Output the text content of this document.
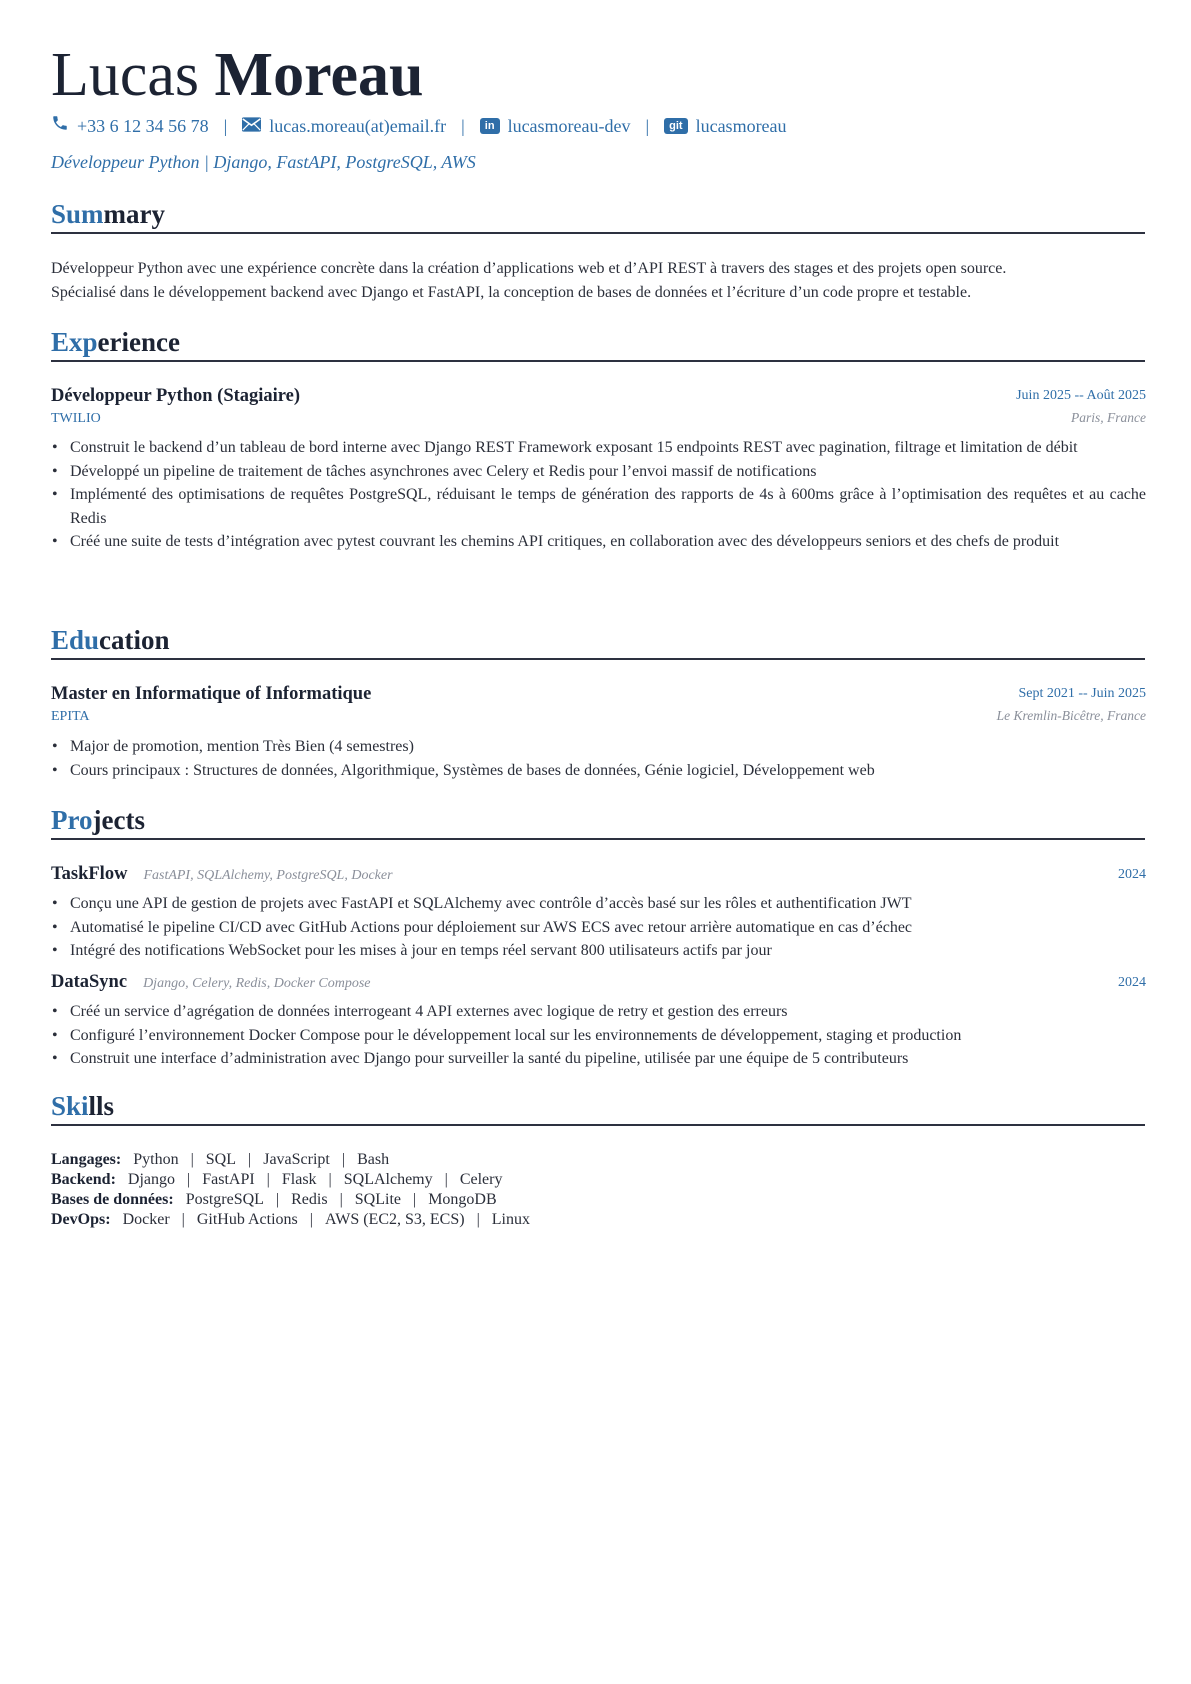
Lucas Moreau
+33 6 12 34 56 78 | lucas.moreau(at)email.fr |	in lucasmoreau-dev |	git lucasmoreau
Développeur Python | Django, FastAPI, PostgreSQL, AWS
Summary
Développeur Python avec une expérience concrète dans la création d’applications web et d’API REST à travers des stages et des projets open source.
Spécialisé dans le développement backend avec Django et FastAPI, la conception de bases de données et l’écriture d’un code propre et testable.
Experience
Développeur Python (Stagiaire)	Juin 2025 -- Août 2025
TWILIO	Paris, France
• Construit le backend d’un tableau de bord interne avec Django REST Framework exposant 15 endpoints REST avec pagination, filtrage et limitation de débit
• Développé un pipeline de traitement de tâches asynchrones avec Celery et Redis pour l’envoi massif de notifications
• Implémenté des optimisations de requêtes PostgreSQL, réduisant le temps de génération des rapports de 4s à 600ms grâce à l’optimisation des requêtes et au cache Redis
• Créé une suite de tests d’intégration avec pytest couvrant les chemins API critiques, en collaboration avec des développeurs seniors et des chefs de produit
Education
Master en Informatique of Informatique	Sept 2021 -- Juin 2025
EPITA	Le Kremlin-Bicêtre, France
• Major de promotion, mention Très Bien (4 semestres)
• Cours principaux : Structures de données, Algorithmique, Systèmes de bases de données, Génie logiciel, Développement web
Projects
TaskFlow FastAPI, SQLAlchemy, PostgreSQL, Docker	2024
• Conçu une API de gestion de projets avec FastAPI et SQLAlchemy avec contrôle d’accès basé sur les rôles et authentification JWT
• Automatisé le pipeline CI/CD avec GitHub Actions pour déploiement sur AWS ECS avec retour arrière automatique en cas d’échec
• Intégré des notifications WebSocket pour les mises à jour en temps réel servant 800 utilisateurs actifs par jour
DataSync Django, Celery, Redis, Docker Compose	2024
• Créé un service d’agrégation de données interrogeant 4 API externes avec logique de retry et gestion des erreurs
• Configuré l’environnement Docker Compose pour le développement local sur les environnements de développement, staging et production
• Construit une interface d’administration avec Django pour surveiller la santé du pipeline, utilisée par une équipe de 5 contributeurs
Skills
Langages: Python | SQL | JavaScript | Bash
Backend: Django | FastAPI | Flask | SQLAlchemy | Celery
Bases de données: PostgreSQL | Redis | SQLite | MongoDB
DevOps: Docker | GitHub Actions | AWS (EC2, S3, ECS) | Linux
